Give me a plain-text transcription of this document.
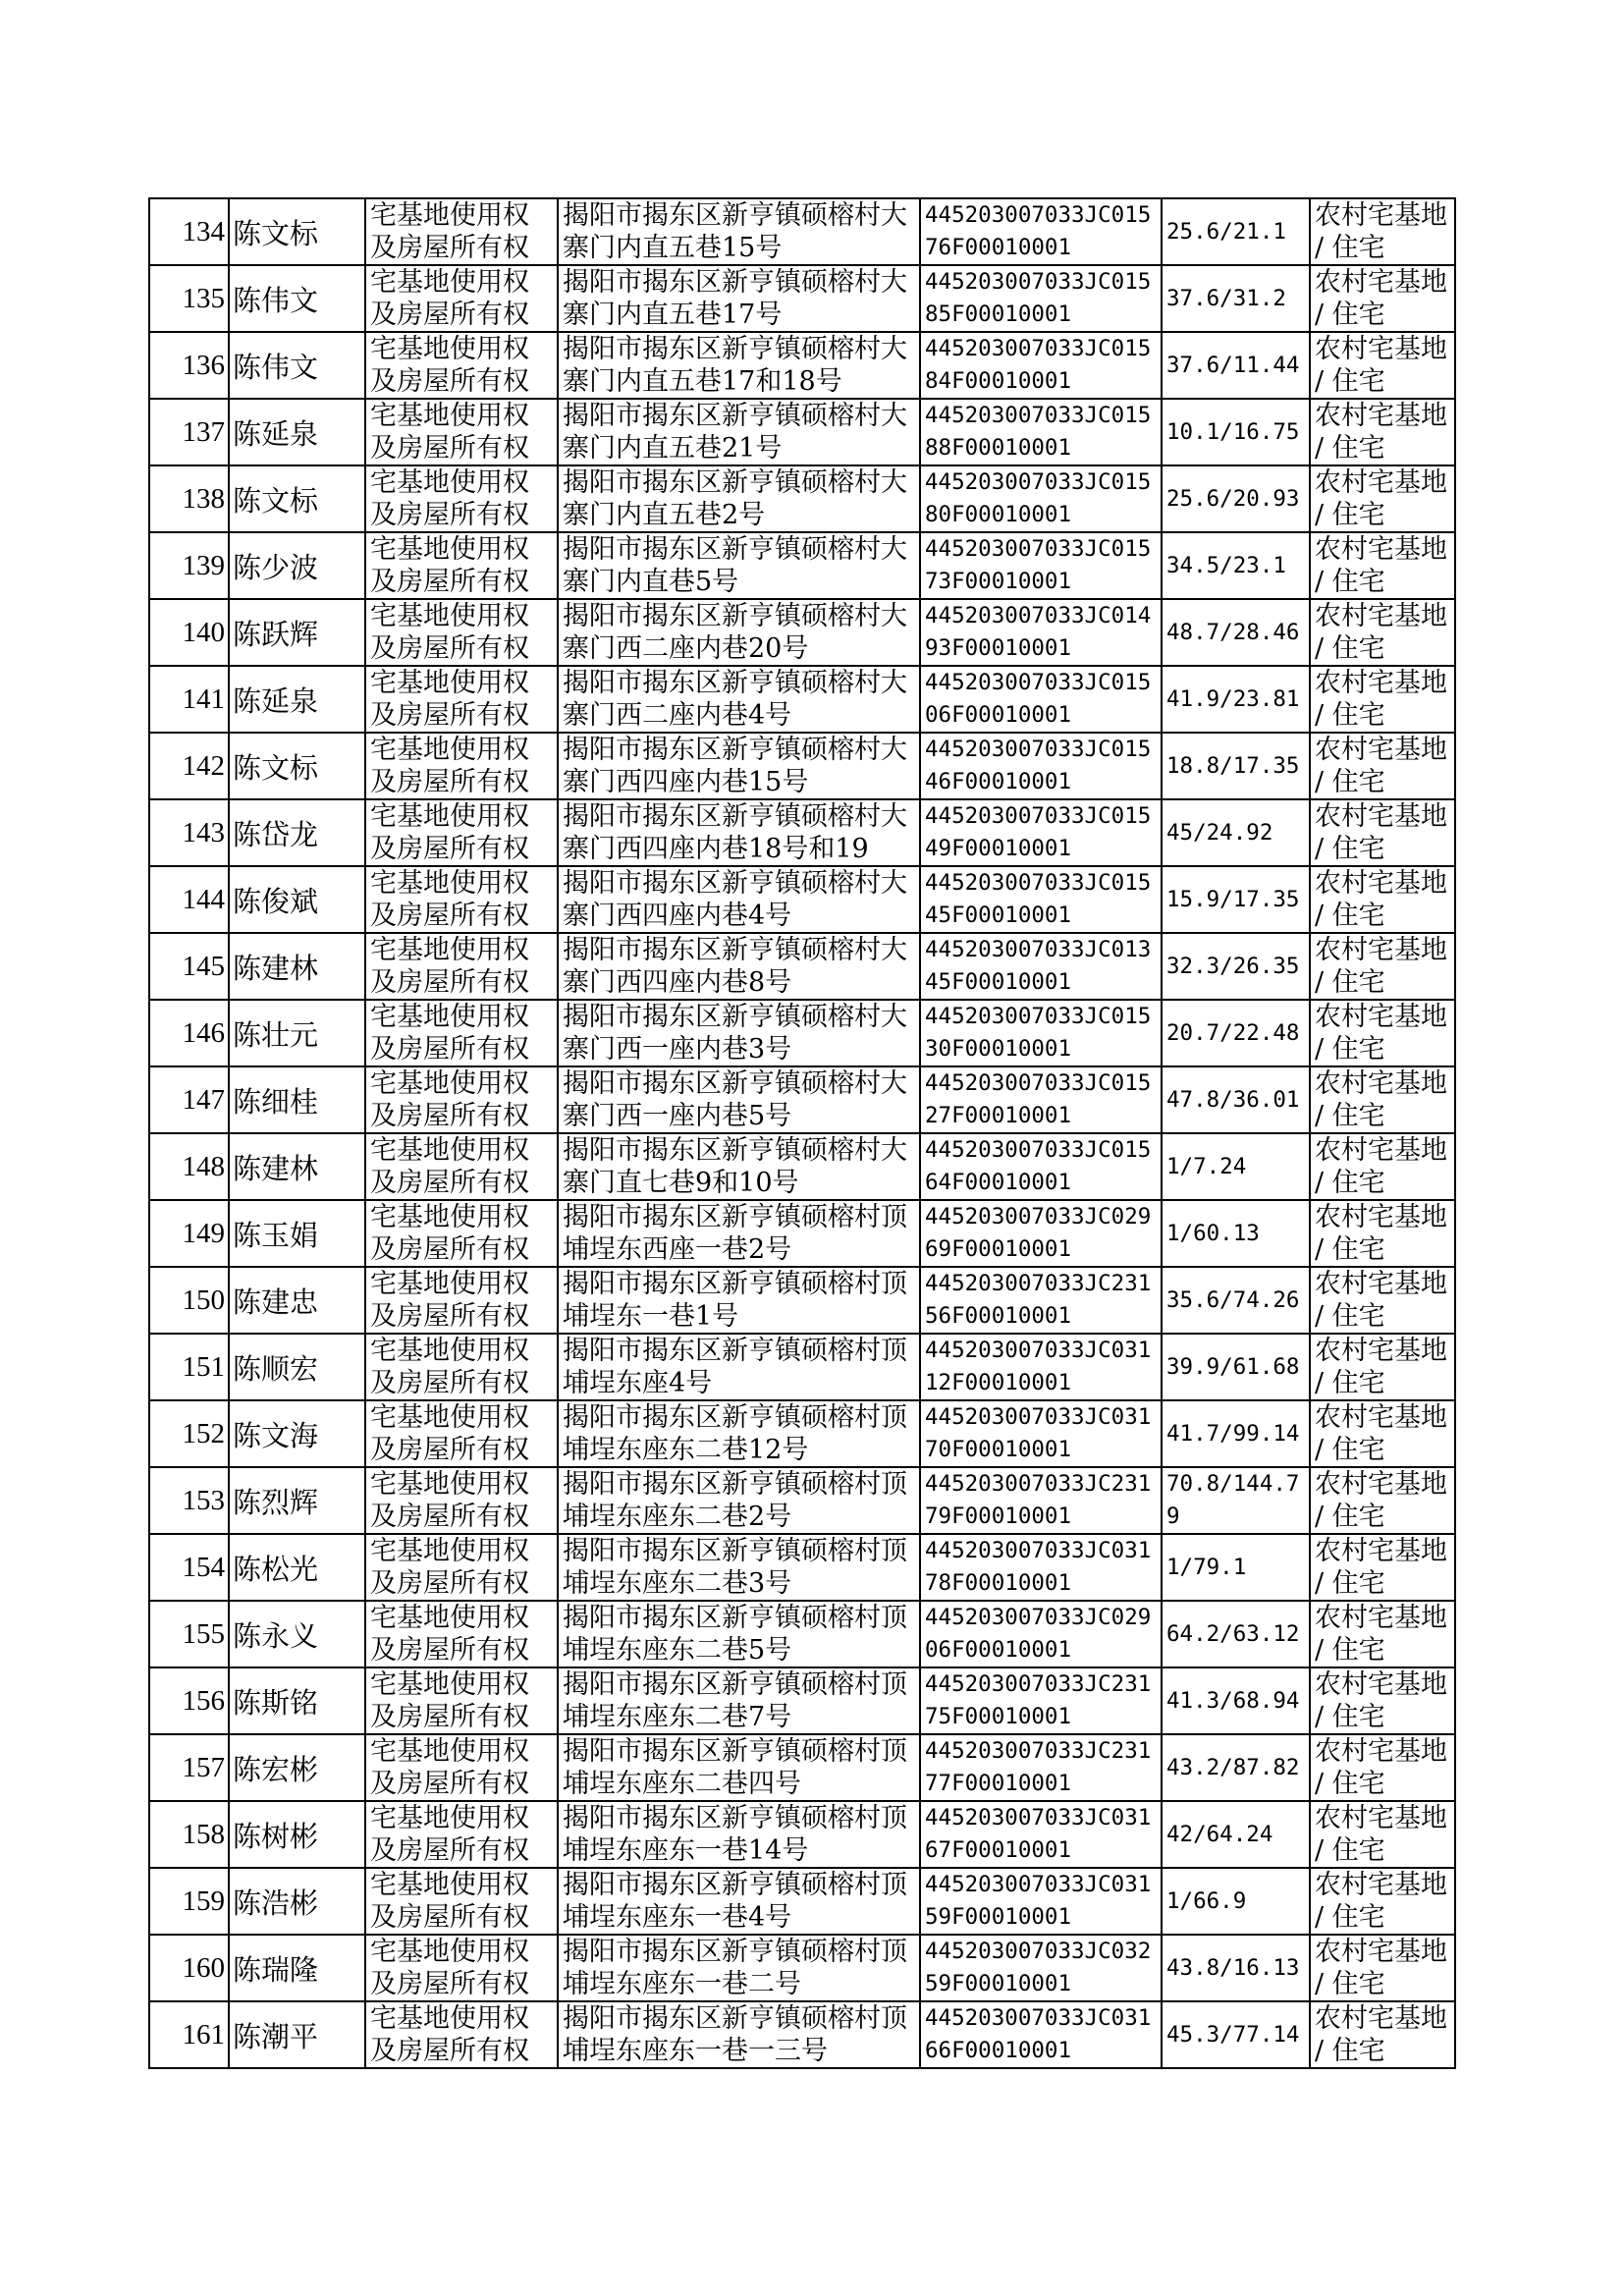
134	陈文标	宅基地使用权及房屋所有权	揭阳市揭东区新亨镇硕榕村大寨门内直五巷15号	445203007033JC01576F00010001	25.6/21.1	农村宅基地 / 住宅

135	陈伟文	宅基地使用权及房屋所有权	揭阳市揭东区新亨镇硕榕村大寨门内直五巷17号	445203007033JC01585F00010001	37.6/31.2	农村宅基地 / 住宅

136	陈伟文	宅基地使用权及房屋所有权	揭阳市揭东区新亨镇硕榕村大寨门内直五巷17和18号	445203007033JC01584F00010001	37.6/11.44	农村宅基地 / 住宅

137	陈延泉	宅基地使用权及房屋所有权	揭阳市揭东区新亨镇硕榕村大寨门内直五巷21号	445203007033JC01588F00010001	10.1/16.75	农村宅基地 / 住宅

138	陈文标	宅基地使用权及房屋所有权	揭阳市揭东区新亨镇硕榕村大寨门内直五巷2号	445203007033JC01580F00010001	25.6/20.93	农村宅基地 / 住宅

139	陈少波	宅基地使用权及房屋所有权	揭阳市揭东区新亨镇硕榕村大寨门内直巷5号	445203007033JC01573F00010001	34.5/23.1	农村宅基地 / 住宅

140	陈跃辉	宅基地使用权及房屋所有权	揭阳市揭东区新亨镇硕榕村大寨门西二座内巷20号	445203007033JC01493F00010001	48.7/28.46	农村宅基地 / 住宅

141	陈延泉	宅基地使用权及房屋所有权	揭阳市揭东区新亨镇硕榕村大寨门西二座内巷4号	445203007033JC01506F00010001	41.9/23.81	农村宅基地 / 住宅

142	陈文标	宅基地使用权及房屋所有权	揭阳市揭东区新亨镇硕榕村大寨门西四座内巷15号	445203007033JC01546F00010001	18.8/17.35	农村宅基地 / 住宅

143	陈岱龙	宅基地使用权及房屋所有权	揭阳市揭东区新亨镇硕榕村大寨门西四座内巷18号和19	445203007033JC01549F00010001	45/24.92	农村宅基地 / 住宅

144	陈俊斌	宅基地使用权及房屋所有权	揭阳市揭东区新亨镇硕榕村大寨门西四座内巷4号	445203007033JC01545F00010001	15.9/17.35	农村宅基地 / 住宅

145	陈建林	宅基地使用权及房屋所有权	揭阳市揭东区新亨镇硕榕村大寨门西四座内巷8号	445203007033JC01345F00010001	32.3/26.35	农村宅基地 / 住宅

146	陈壮元	宅基地使用权及房屋所有权	揭阳市揭东区新亨镇硕榕村大寨门西一座内巷3号	445203007033JC01530F00010001	20.7/22.48	农村宅基地 / 住宅

147	陈细桂	宅基地使用权及房屋所有权	揭阳市揭东区新亨镇硕榕村大寨门西一座内巷5号	445203007033JC01527F00010001	47.8/36.01	农村宅基地 / 住宅

148	陈建林	宅基地使用权及房屋所有权	揭阳市揭东区新亨镇硕榕村大寨门直七巷9和10号	445203007033JC01564F00010001	1/7.24	农村宅基地 / 住宅

149	陈玉娟	宅基地使用权及房屋所有权	揭阳市揭东区新亨镇硕榕村顶埔埕东西座一巷2号	445203007033JC02969F00010001	1/60.13	农村宅基地 / 住宅

150	陈建忠	宅基地使用权及房屋所有权	揭阳市揭东区新亨镇硕榕村顶埔埕东一巷1号	445203007033JC23156F00010001	35.6/74.26	农村宅基地 / 住宅

151	陈顺宏	宅基地使用权及房屋所有权	揭阳市揭东区新亨镇硕榕村顶埔埕东座4号	445203007033JC03112F00010001	39.9/61.68	农村宅基地 / 住宅

152	陈文海	宅基地使用权及房屋所有权	揭阳市揭东区新亨镇硕榕村顶埔埕东座东二巷12号	445203007033JC03170F00010001	41.7/99.14	农村宅基地 / 住宅

153	陈烈辉	宅基地使用权及房屋所有权	揭阳市揭东区新亨镇硕榕村顶埔埕东座东二巷2号	445203007033JC23179F00010001	70.8/144.79	农村宅基地 / 住宅

154	陈松光	宅基地使用权及房屋所有权	揭阳市揭东区新亨镇硕榕村顶埔埕东座东二巷3号	445203007033JC03178F00010001	1/79.1	农村宅基地 / 住宅

155	陈永义	宅基地使用权及房屋所有权	揭阳市揭东区新亨镇硕榕村顶埔埕东座东二巷5号	445203007033JC02906F00010001	64.2/63.12	农村宅基地 / 住宅

156	陈斯铭	宅基地使用权及房屋所有权	揭阳市揭东区新亨镇硕榕村顶埔埕东座东二巷7号	445203007033JC23175F00010001	41.3/68.94	农村宅基地 / 住宅

157	陈宏彬	宅基地使用权及房屋所有权	揭阳市揭东区新亨镇硕榕村顶埔埕东座东二巷四号	445203007033JC23177F00010001	43.2/87.82	农村宅基地 / 住宅

158	陈树彬	宅基地使用权及房屋所有权	揭阳市揭东区新亨镇硕榕村顶埔埕东座东一巷14号	445203007033JC03167F00010001	42/64.24	农村宅基地 / 住宅

159	陈浩彬	宅基地使用权及房屋所有权	揭阳市揭东区新亨镇硕榕村顶埔埕东座东一巷4号	445203007033JC03159F00010001	1/66.9	农村宅基地 / 住宅

160	陈瑞隆	宅基地使用权及房屋所有权	揭阳市揭东区新亨镇硕榕村顶埔埕东座东一巷二号	445203007033JC03259F00010001	43.8/16.13	农村宅基地 / 住宅

161	陈潮平	宅基地使用权及房屋所有权	揭阳市揭东区新亨镇硕榕村顶埔埕东座东一巷一三号	445203007033JC03166F00010001	45.3/77.14	农村宅基地 / 住宅
